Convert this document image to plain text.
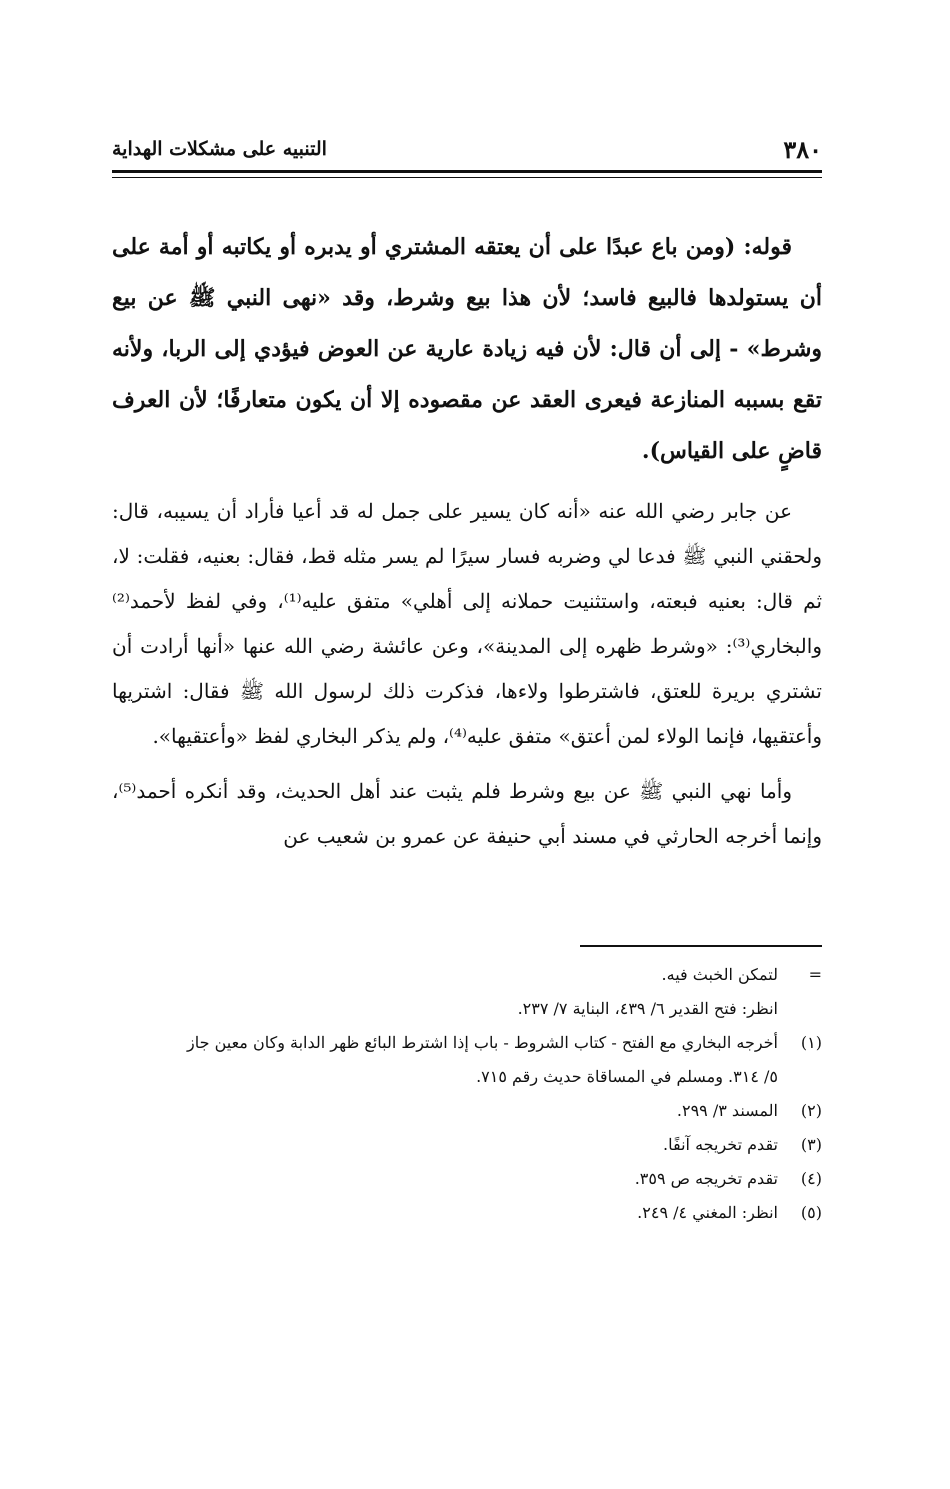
٣٨٠
التنبيه على مشكلات الهداية

قوله: (ومن باع عبدًا على أن يعتقه المشتري أو يدبره أو يكاتبه أو أمة على أن يستولدها فالبيع فاسد؛ لأن هذا بيع وشرط، وقد «نهى النبي ﷺ عن بيع وشرط» - إلى أن قال: لأن فيه زيادة عارية عن العوض فيؤدي إلى الربا، ولأنه تقع بسببه المنازعة فيعرى العقد عن مقصوده إلا أن يكون متعارفًا؛ لأن العرف قاضٍ على القياس).

عن جابر رضي الله عنه «أنه كان يسير على جمل له قد أعيا فأراد أن يسيبه، قال: ولحقني النبي ﷺ فدعا لي وضربه فسار سيرًا لم يسر مثله قط، فقال: بعنيه، فقلت: لا، ثم قال: بعنيه فبعته، واستثنيت حملانه إلى أهلي» متفق عليه⁽¹⁾، وفي لفظ لأحمد⁽²⁾ والبخاري⁽³⁾: «وشرط ظهره إلى المدينة»، وعن عائشة رضي الله عنها «أنها أرادت أن تشتري بريرة للعتق، فاشترطوا ولاءها، فذكرت ذلك لرسول الله ﷺ فقال: اشتريها وأعتقيها، فإنما الولاء لمن أعتق» متفق عليه⁽⁴⁾، ولم يذكر البخاري لفظ «وأعتقيها».

وأما نهي النبي ﷺ عن بيع وشرط فلم يثبت عند أهل الحديث، وقد أنكره أحمد⁽⁵⁾، وإنما أخرجه الحارثي في مسند أبي حنيفة عن عمرو بن شعيب عن

=
لتمكن الخبث فيه.
انظر: فتح القدير ٦/ ٤٣٩، البناية ٧/ ٢٣٧.
(١)
أخرجه البخاري مع الفتح - كتاب الشروط - باب إذا اشترط البائع ظهر الدابة وكان معين جاز
٥/ ٣١٤. ومسلم في المساقاة حديث رقم ٧١٥.
(٢)
المسند ٣/ ٢٩٩.
(٣)
تقدم تخريجه آنفًا.
(٤)
تقدم تخريجه ص ٣٥٩.
(٥)
انظر: المغني ٤/ ٢٤٩.
